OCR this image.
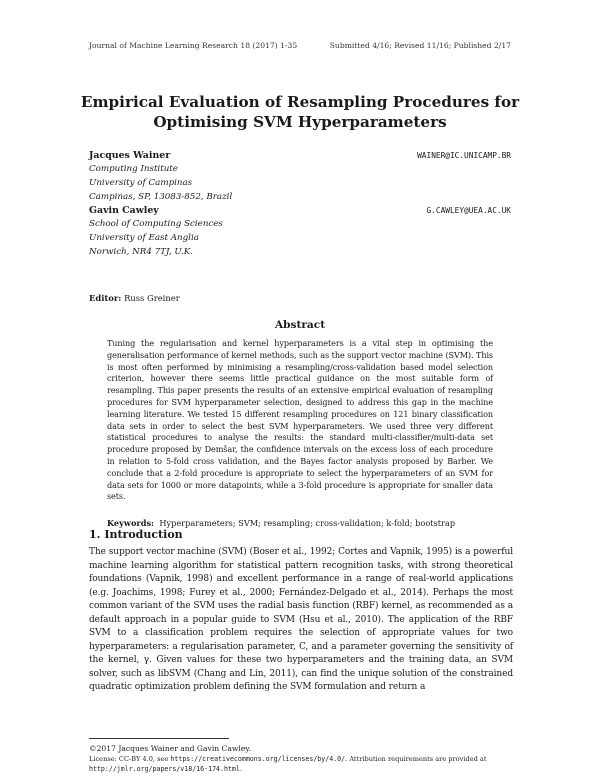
Journal of Machine Learning Research 18 (2017) 1-35	Submitted 4/16; Revised 11/16; Published 2/17
Empirical Evaluation of Resampling Procedures for
Optimising SVM Hyperparameters
Jacques Wainer	WAINER@IC.UNICAMP.BR
Computing Institute
University of Campinas
Campinas, SP, 13083-852, Brazil
Gavin Cawley	G.CAWLEY@UEA.AC.UK
School of Computing Sciences
University of East Anglia
Norwich, NR4 7TJ, U.K.
Editor: Russ Greiner
Abstract
Tuning the regularisation and kernel hyperparameters is a vital step in optimising the generalisation performance of kernel methods, such as the support vector machine (SVM). This is most often performed by minimising a resampling/cross-validation based model selection criterion, however there seems little practical guidance on the most suitable form of resampling. This paper presents the results of an extensive empirical evaluation of resampling procedures for SVM hyperparameter selection, designed to address this gap in the machine learning literature. We tested 15 different resampling procedures on 121 binary classification data sets in order to select the best SVM hyperparameters. We used three very different statistical procedures to analyse the results: the standard multi-classifier/multi-data set procedure proposed by Demšar, the confidence intervals on the excess loss of each procedure in relation to 5-fold cross validation, and the Bayes factor analysis proposed by Barber. We conclude that a 2-fold procedure is appropriate to select the hyperparameters of an SVM for data sets for 1000 or more datapoints, while a 3-fold procedure is appropriate for smaller data sets.
Keywords: Hyperparameters; SVM; resampling; cross-validation; k-fold; bootstrap
1. Introduction
The support vector machine (SVM) (Boser et al., 1992; Cortes and Vapnik, 1995) is a powerful machine learning algorithm for statistical pattern recognition tasks, with strong theoretical foundations (Vapnik, 1998) and excellent performance in a range of real-world applications (e.g. Joachims, 1998; Furey et al., 2000; Fernández-Delgado et al., 2014). Perhaps the most common variant of the SVM uses the radial basis function (RBF) kernel, as recommended as a default approach in a popular guide to SVM (Hsu et al., 2010). The application of the RBF SVM to a classification problem requires the selection of appropriate values for two hyperparameters: a regularisation parameter, C, and a parameter governing the sensitivity of the kernel, γ. Given values for these two hyperparameters and the training data, an SVM solver, such as libSVM (Chang and Lin, 2011), can find the unique solution of the constrained quadratic optimization problem defining the SVM formulation and return a
©2017 Jacques Wainer and Gavin Cawley.
License: CC-BY 4.0, see https://creativecommons.org/licenses/by/4.0/. Attribution requirements are provided at http://jmlr.org/papers/v18/16-174.html.
